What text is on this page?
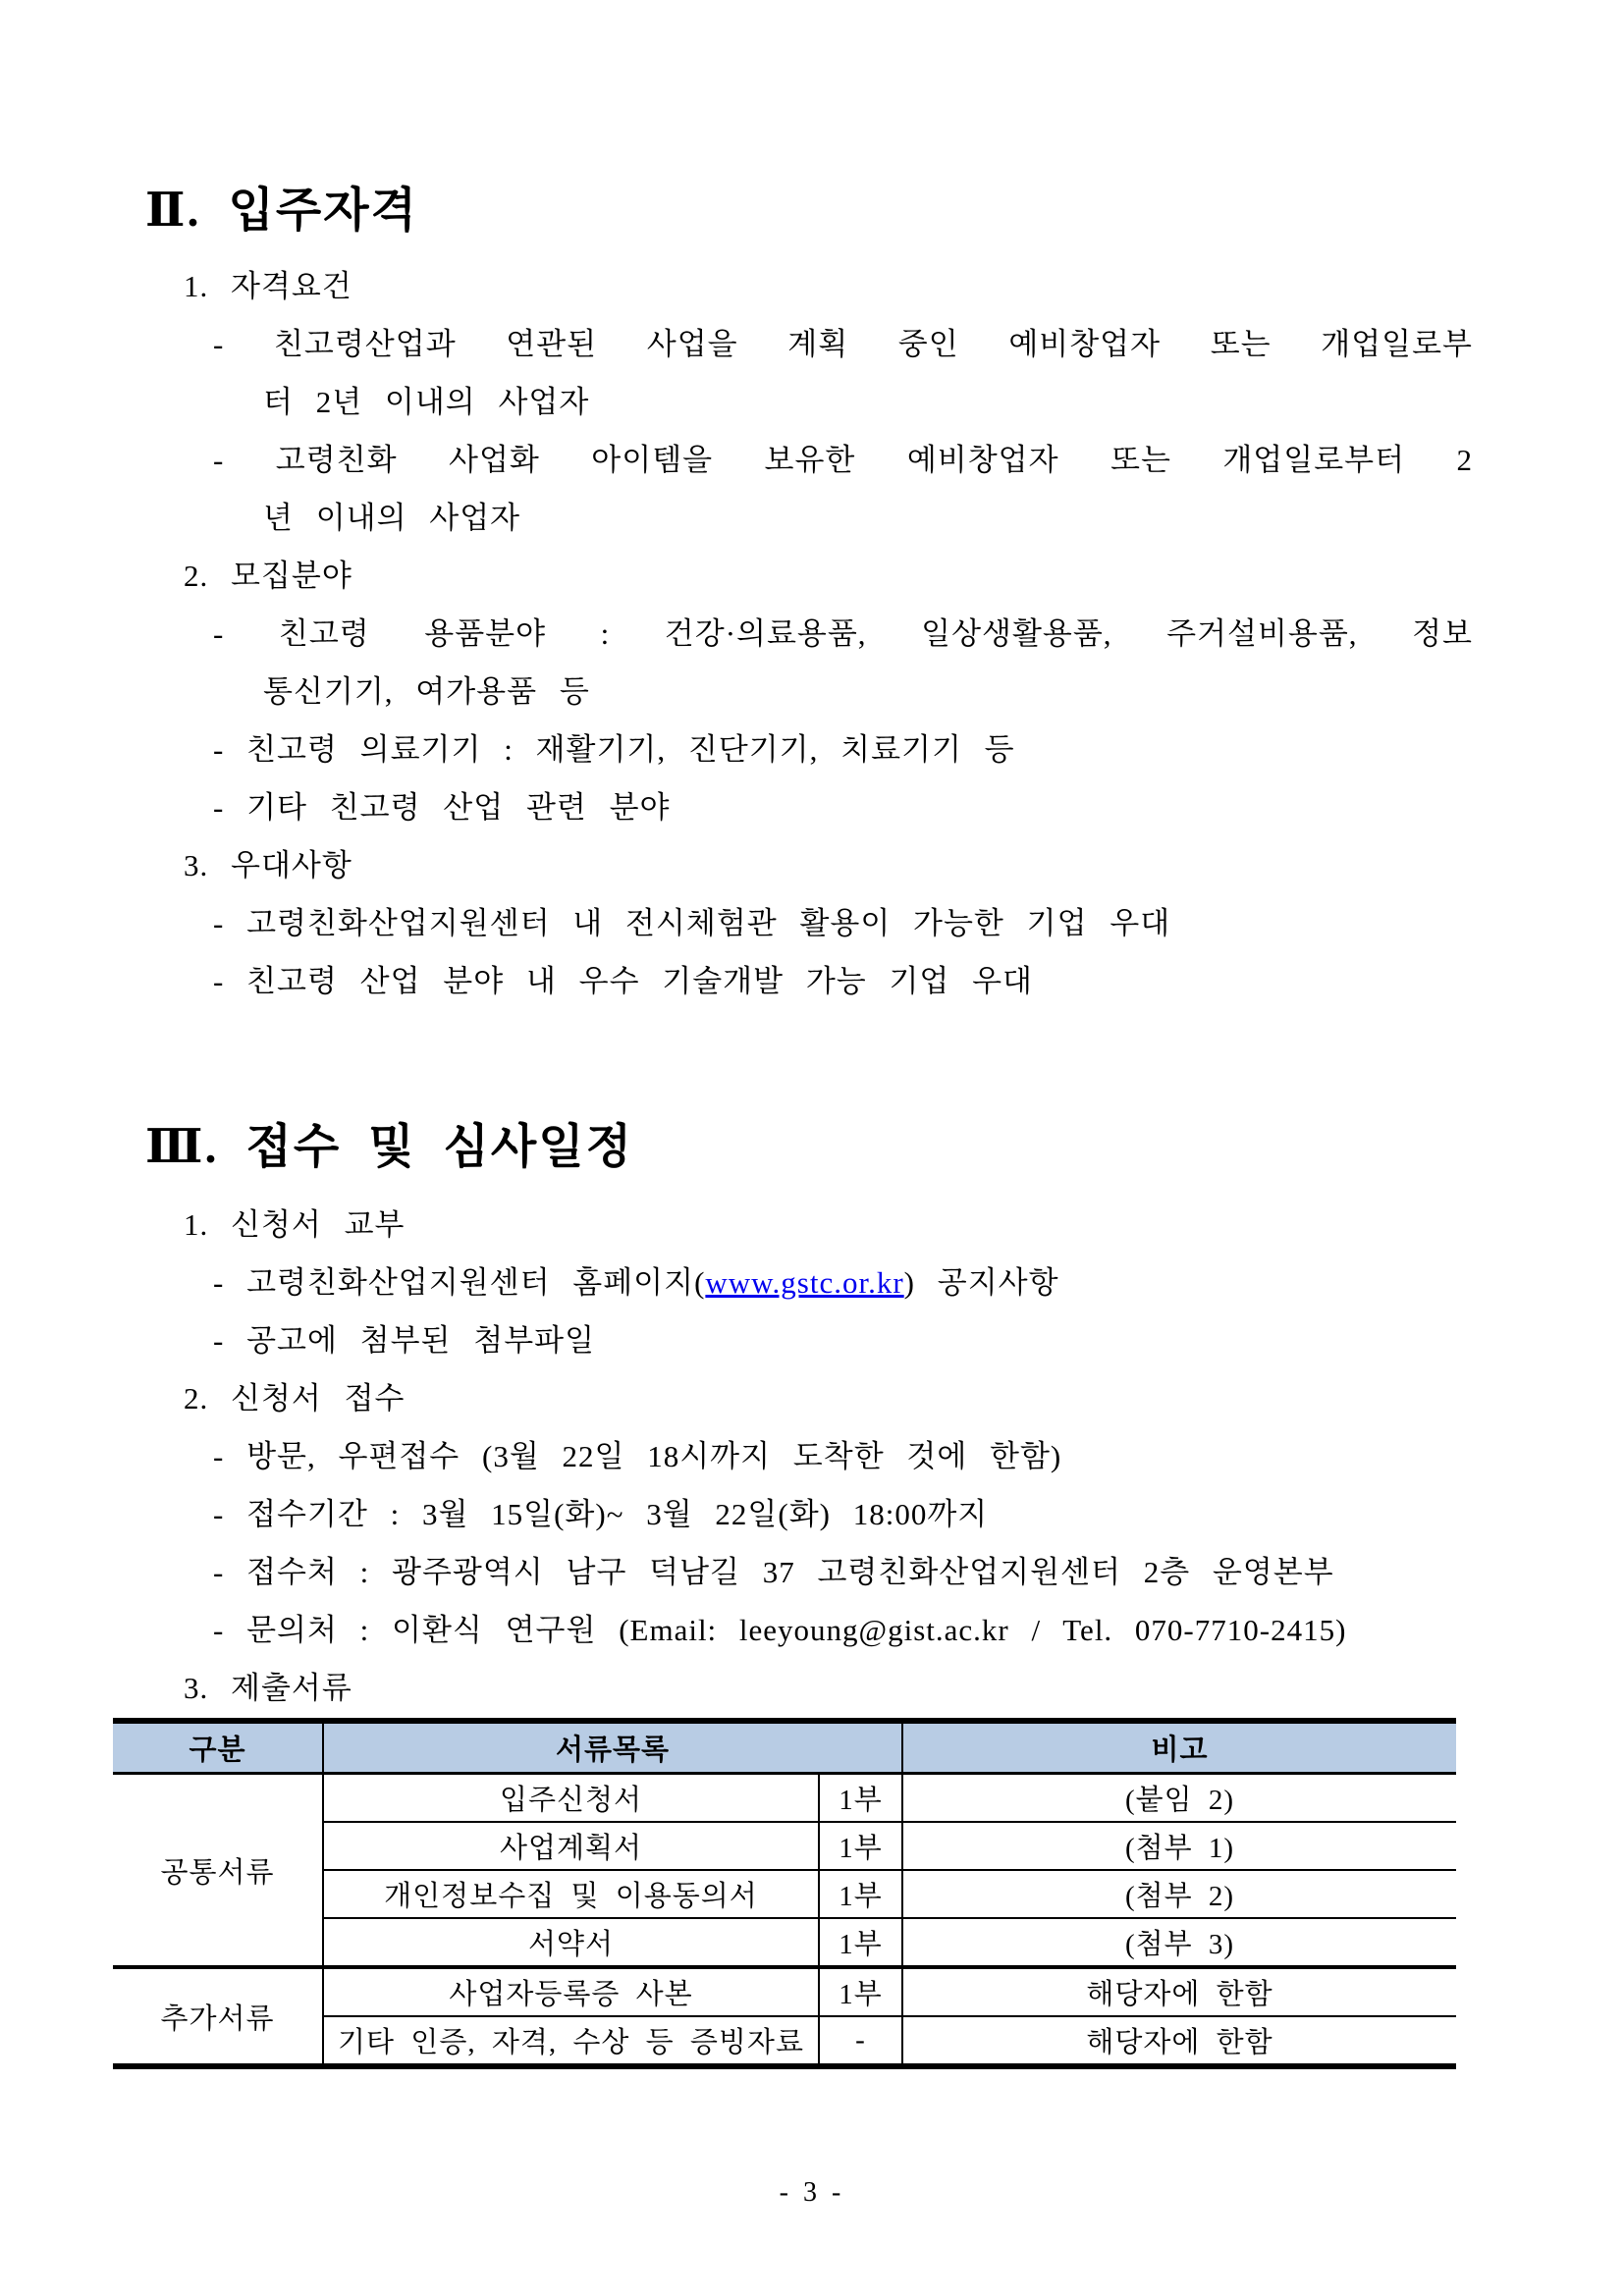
Ⅱ. 입주자격
1. 자격요건
- 친고령산업과 연관된 사업을 계획 중인 예비창업자 또는 개업일로부
터 2년 이내의 사업자
- 고령친화 사업화 아이템을 보유한 예비창업자 또는 개업일로부터 2
년 이내의 사업자
2. 모집분야
- 친고령 용품분야 : 건강·의료용품, 일상생활용품, 주거설비용품, 정보
통신기기, 여가용품 등
- 친고령 의료기기 : 재활기기, 진단기기, 치료기기 등
- 기타 친고령 산업 관련 분야
3. 우대사항
- 고령친화산업지원센터 내 전시체험관 활용이 가능한 기업 우대
- 친고령 산업 분야 내 우수 기술개발 가능 기업 우대
Ⅲ. 접수 및 심사일정
1. 신청서 교부
- 고령친화산업지원센터 홈페이지(www.gstc.or.kr) 공지사항
- 공고에 첨부된 첨부파일
2. 신청서 접수
- 방문, 우편접수 (3월 22일 18시까지 도착한 것에 한함)
- 접수기간 : 3월 15일(화)~ 3월 22일(화) 18:00까지
- 접수처 : 광주광역시 남구 덕남길 37 고령친화산업지원센터 2층 운영본부
- 문의처 : 이환식 연구원 (Email: leeyoung@gist.ac.kr / Tel. 070-7710-2415)
3. 제출서류
구분	서류목록		비고
공통서류	입주신청서	1부	(붙임 2)
	사업계획서	1부	(첨부 1)
	개인정보수집 및 이용동의서	1부	(첨부 2)
	서약서	1부	(첨부 3)
추가서류	사업자등록증 사본	1부	해당자에 한함
	기타 인증, 자격, 수상 등 증빙자료	-	해당자에 한함
- 3 -
